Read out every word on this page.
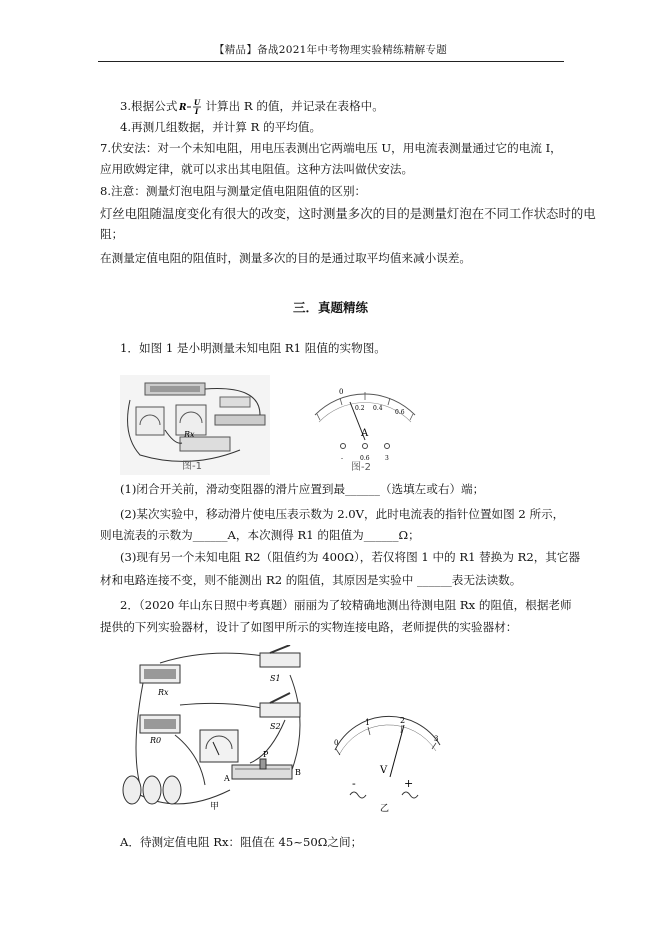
【精品】备战2021年中考物理实验精练精解专题
3.根据公式 R
U
I 计算出 R 的值，并记录在表格中。
4.再测几组数据，并计算 R 的平均值。
7.伏安法：对一个未知电阻，用电压表测出它两端电压 U，用电流表测量通过它的电流 I，
应用欧姆定律，就可以求出其电阻值。这种方法叫做伏安法。
8.注意：测量灯泡电阻与测量定值电阻阻值的区别：
灯丝电阻随温度变化有很大的改变，这时测量多次的目的是测量灯泡在不同工作状态时的电
阻；
在测量定值电阻的阻值时，测量多次的目的是通过取平均值来减小误差。
三．真题精练
1．如图 1 是小明测量未知电阻 R1 阻值的实物图。
Rx
图-1
0
0.2 0.4
0.6
A
-	0.6	3
图-2
(1)闭合开关前，滑动变阻器的滑片应置到最______（选填左或右）端；
(2)某次实验中，移动滑片使电压表示数为 2.0V，此时电流表的指针位置如图 2 所示，
则电流表的示数为______A，本次测得 R1 的阻值为______Ω；
(3)现有另一个未知电阻 R2（阻值约为 400Ω），若仅将图 1 中的 R1 替换为 R2，其它器
材和电路连接不变，则不能测出 R2 的阻值，其原因是实验中 ______表无法读数。
2．（2020 年山东日照中考真题）丽丽为了较精确地测出待测电阻 Rx 的阻值，根据老师
提供的下列实验器材，设计了如图甲所示的实物连接电路，老师提供的实验器材：
Rx
R0
S1
S2
P
A
B
甲
0
1	2
3
V
-	+
乙
A．待测定值电阻 Rx：阻值在 45~50Ω之间；
